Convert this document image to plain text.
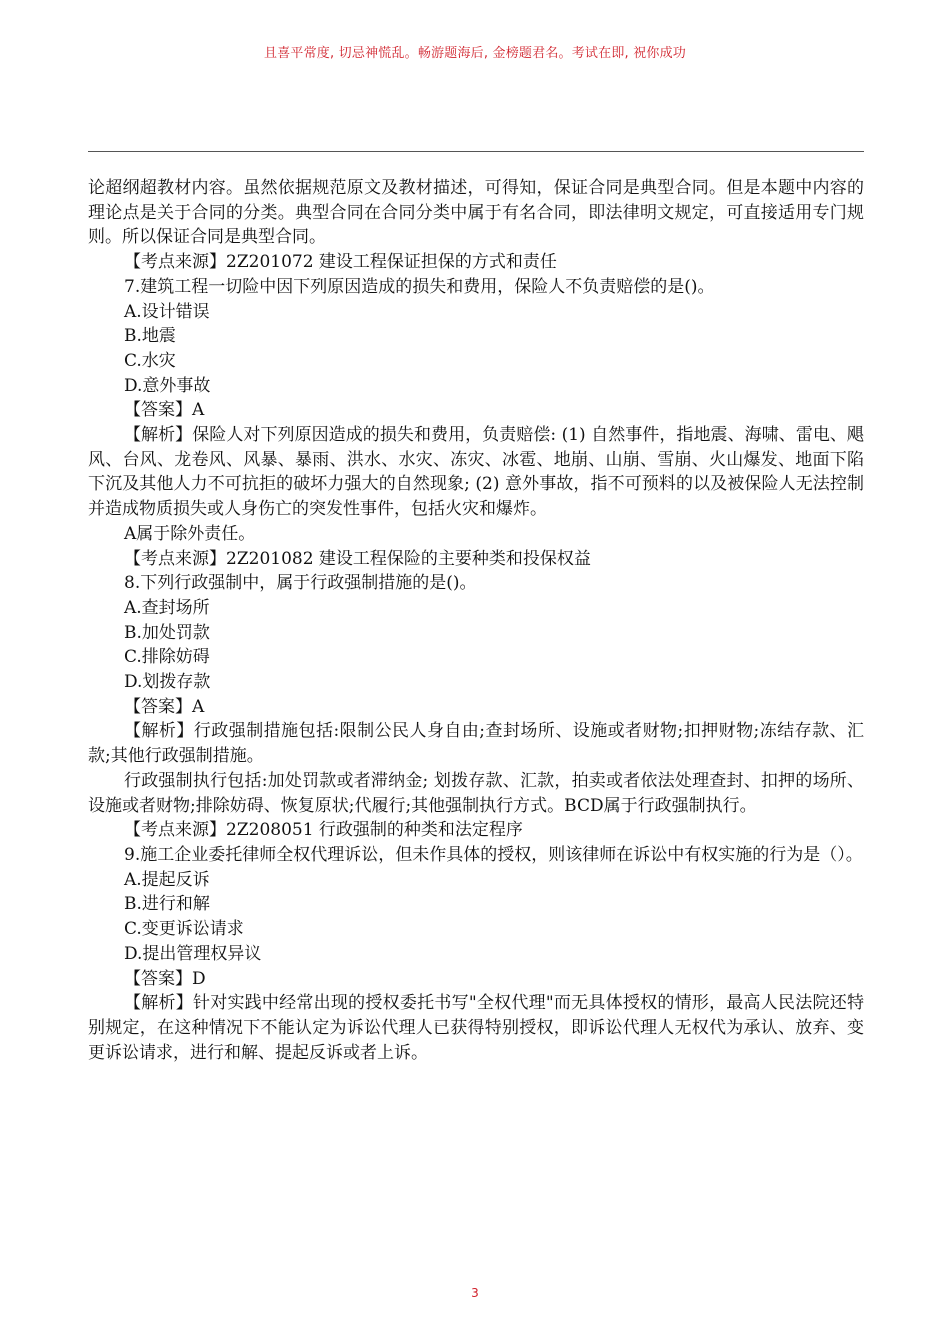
且喜平常度, 切忌神慌乱。畅游题海后, 金榜题君名。考试在即, 祝你成功

论超纲超教材内容。虽然依据规范原文及教材描述，可得知，保证合同是典型合同。但是本题中内容的理论点是关于合同的分类。典型合同在合同分类中属于有名合同，即法律明文规定，可直接适用专门规则。所以保证合同是典型合同。

【考点来源】2Z201072 建设工程保证担保的方式和责任

7.建筑工程一切险中因下列原因造成的损失和费用，保险人不负责赔偿的是()。

A.设计错误

B.地震

C.水灾

D.意外事故

【答案】A

【解析】保险人对下列原因造成的损失和费用，负责赔偿: (1) 自然事件，指地震、海啸、雷电、飓风、台风、龙卷风、风暴、暴雨、洪水、水灾、冻灾、冰雹、地崩、山崩、雪崩、火山爆发、地面下陷下沉及其他人力不可抗拒的破坏力强大的自然现象; (2) 意外事故，指不可预料的以及被保险人无法控制并造成物质损失或人身伤亡的突发性事件，包括火灾和爆炸。

A属于除外责任。

【考点来源】2Z201082 建设工程保险的主要种类和投保权益

8.下列行政强制中，属于行政强制措施的是()。

A.查封场所

B.加处罚款

C.排除妨碍

D.划拨存款

【答案】A

【解析】行政强制措施包括:限制公民人身自由;查封场所、设施或者财物;扣押财物;冻结存款、汇款;其他行政强制措施。

行政强制执行包括:加处罚款或者滞纳金; 划拨存款、汇款，拍卖或者依法处理查封、扣押的场所、设施或者财物;排除妨碍、恢复原状;代履行;其他强制执行方式。BCD属于行政强制执行。

【考点来源】2Z208051 行政强制的种类和法定程序

9.施工企业委托律师全权代理诉讼，但未作具体的授权，则该律师在诉讼中有权实施的行为是（）。

A.提起反诉

B.进行和解

C.变更诉讼请求

D.提出管理权异议

【答案】D

【解析】针对实践中经常出现的授权委托书写"全权代理"而无具体授权的情形，最高人民法院还特别规定，在这种情况下不能认定为诉讼代理人已获得特别授权，即诉讼代理人无权代为承认、放弃、变更诉讼请求，进行和解、提起反诉或者上诉。

3
